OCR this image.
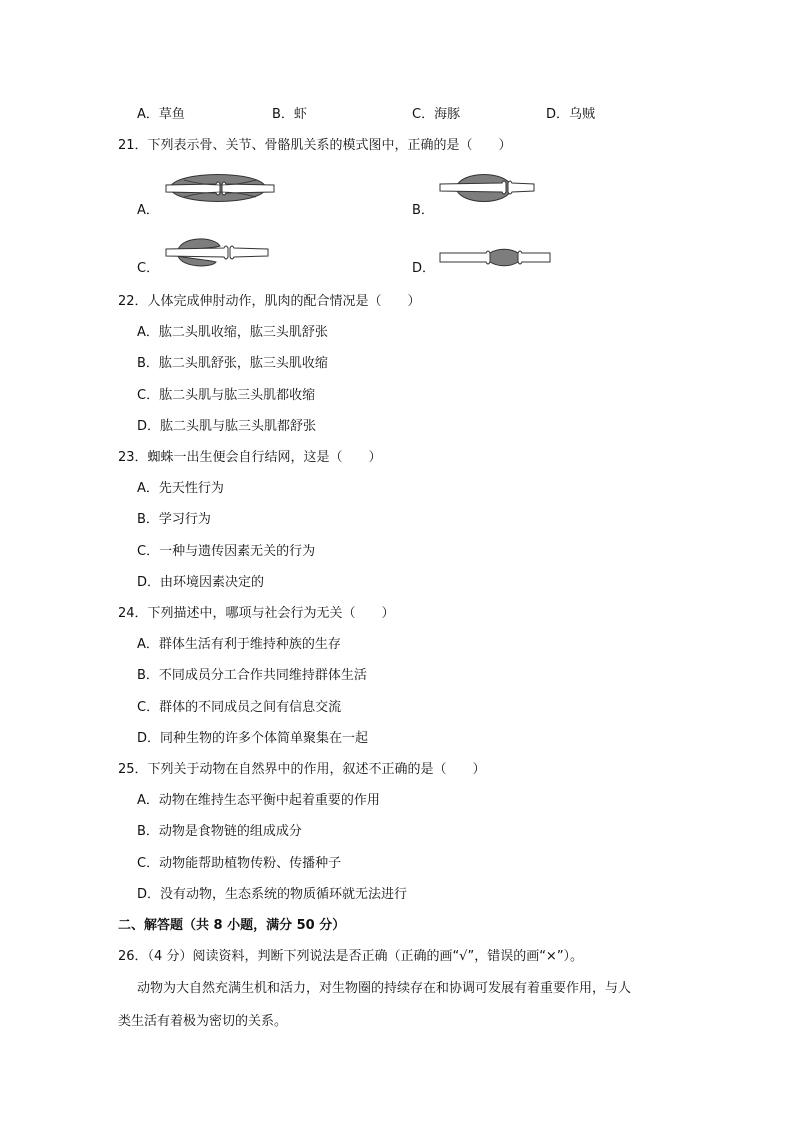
A．草鱼	B．虾	C．海豚	D．乌贼
21．下列表示骨、关节、骨骼肌关系的模式图中，正确的是（　　）
A．	B．
C．	D．
22．人体完成伸肘动作，肌肉的配合情况是（　　）
A．肱二头肌收缩，肱三头肌舒张
B．肱二头肌舒张，肱三头肌收缩
C．肱二头肌与肱三头肌都收缩
D．肱二头肌与肱三头肌都舒张
23．蜘蛛一出生便会自行结网，这是（　　）
A．先天性行为
B．学习行为
C．一种与遗传因素无关的行为
D．由环境因素决定的
24．下列描述中，哪项与社会行为无关（　　）
A．群体生活有利于维持种族的生存
B．不同成员分工合作共同维持群体生活
C．群体的不同成员之间有信息交流
D．同种生物的许多个体简单聚集在一起
25．下列关于动物在自然界中的作用，叙述不正确的是（　　）
A．动物在维持生态平衡中起着重要的作用
B．动物是食物链的组成成分
C．动物能帮助植物传粉、传播种子
D．没有动物，生态系统的物质循环就无法进行
二、解答题（共 8 小题，满分 50 分）
26．（4 分）阅读资料，判断下列说法是否正确（正确的画“√”，错误的画“×”）。
动物为大自然充满生机和活力，对生物圈的持续存在和协调可发展有着重要作用，与人
类生活有着极为密切的关系。
